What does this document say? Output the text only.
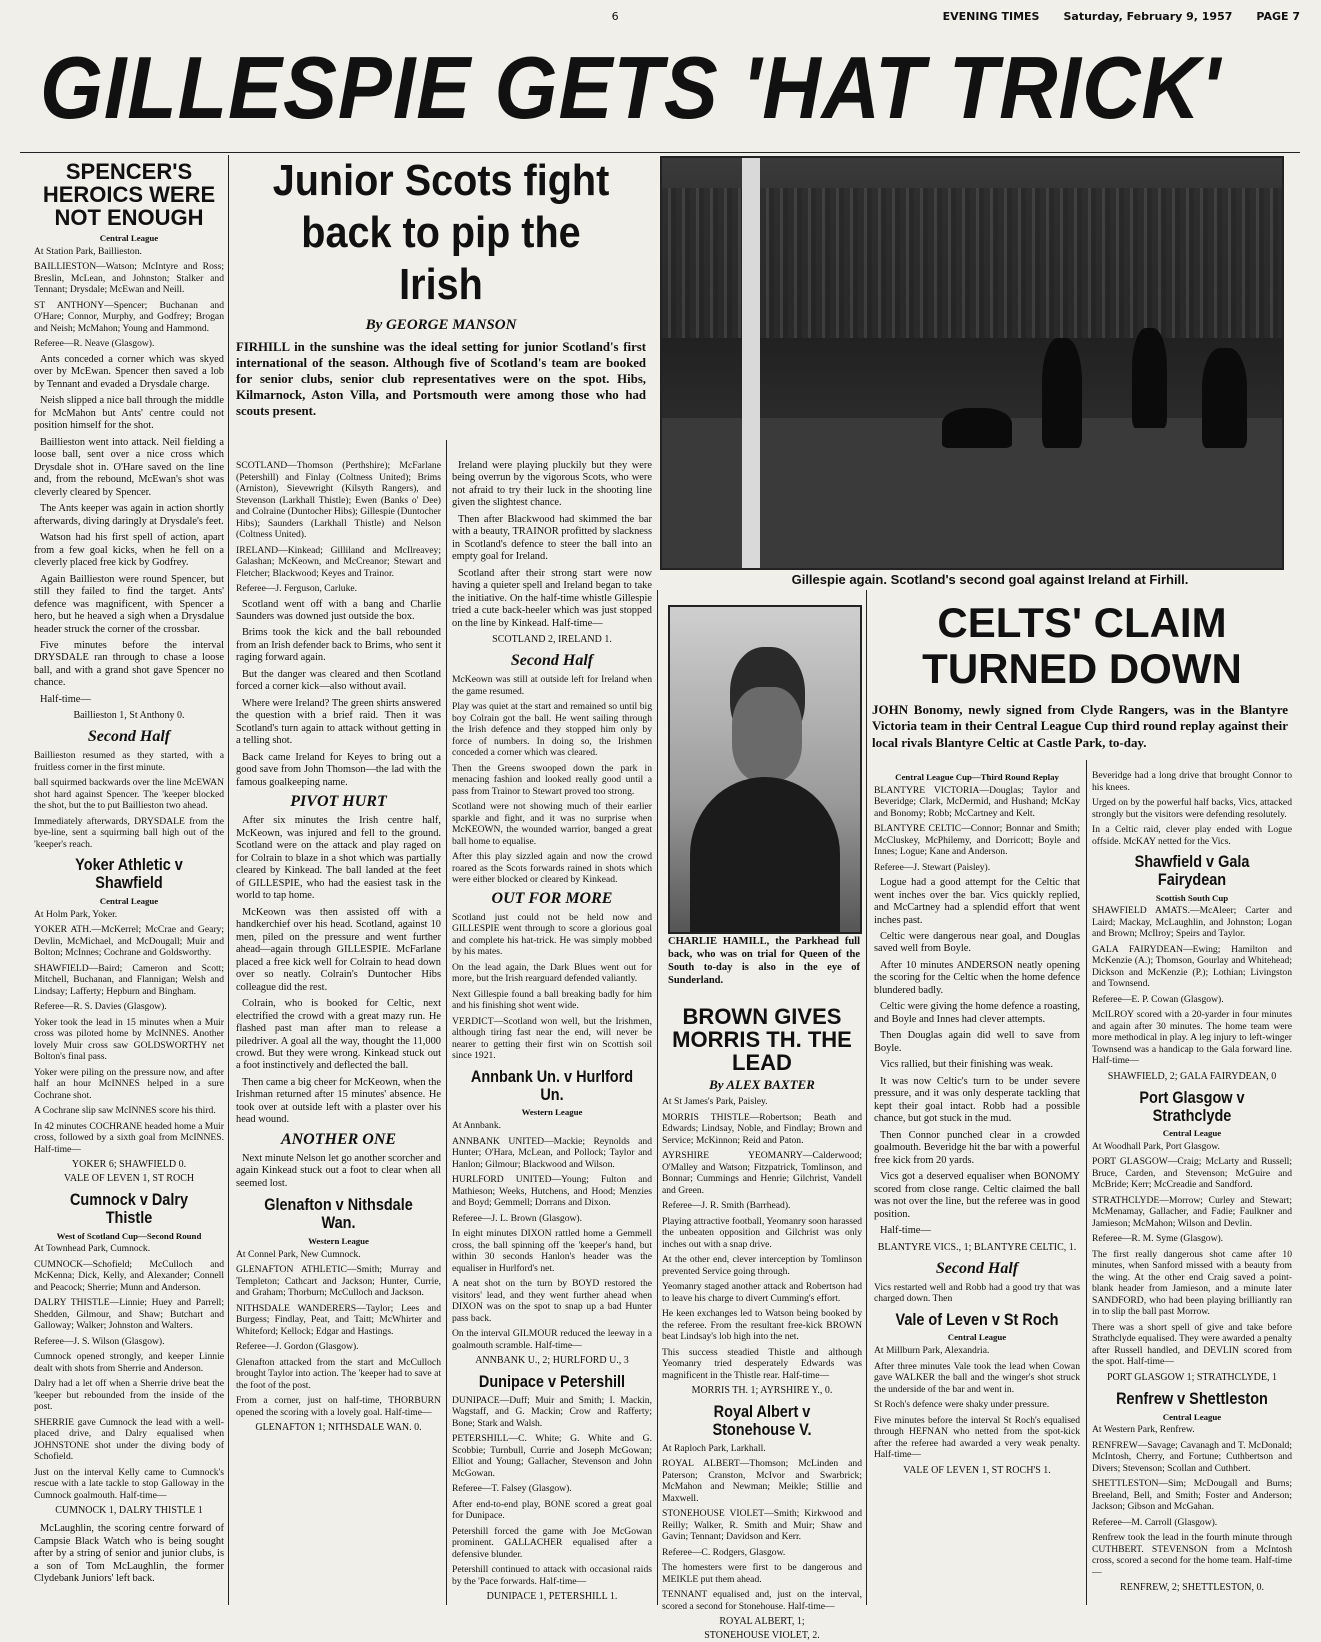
6	EVENING TIMES Saturday, February 9, 1957 PAGE 7
GILLESPIE GETS 'HAT TRICK'
SPENCER'S HEROICS WERE NOT ENOUGH
Central League

At Station Park, Baillieston.

BAILLIESTON—Watson; McIntyre and Ross; Breslin, McLean, and Johnston; Stalker and Tennant; Drysdale; McEwan and Neill.

ST ANTHONY—Spencer; Buchanan and O'Hare; Connor, Murphy, and Godfrey; Brogan and Neish; McMahon; Young and Hammond.

Referee—R. Neave (Glasgow).

Ants conceded a corner which was skyed over by McEwan. Spencer then saved a lob by Tennant and evaded a Drysdale charge.

Neish slipped a nice ball through the middle for McMahon but Ants' centre could not position himself for the shot.

Baillieston went into attack. Neil fielding a loose ball, sent over a nice cross which Drysdale shot in. O'Hare saved on the line and, from the rebound, McEwan's shot was cleverly cleared by Spencer.

The Ants keeper was again in action shortly afterwards, diving daringly at Drysdale's feet.

Watson had his first spell of action, apart from a few goal kicks, when he fell on a cleverly placed free kick by Godfrey.

Again Baillieston were round Spencer, but still they failed to find the target. Ants' defence was magnificent, with Spencer a hero, but he heaved a sigh when a Drysdalue header struck the corner of the crossbar.

Five minutes before the interval DRYSDALE ran through to chase a loose ball, and with a grand shot gave Spencer no chance.

Half-time—

Baillieston 1, St Anthony 0.
Second Half

Baillieston resumed as they started, with a fruitless corner in the first minute.

ball squirmed backwards over the line McEWAN shot hard against Spencer. The 'keeper blocked the shot, but the to put Baillieston two ahead.

Immediately afterwards, DRYSDALE from the bye-line, sent a squirming ball high out of the 'keeper's reach.

Yoker Athletic v Shawfield
Central League

At Holm Park, Yoker.

YOKER ATH.—McKerrel; McCrae and Geary; Devlin, McMichael, and McDougall; Muir and Bolton; McInnes; Cochrane and Goldsworthy.

SHAWFIELD—Baird; Cameron and Scott; Mitchell, Buchanan, and Flannigan; Welsh and Lindsay; Lafferty; Hepburn and Bingham.

Referee—R. S. Davies (Glasgow).

Yoker took the lead in 15 minutes when a Muir cross was piloted home by McINNES. Another lovely Muir cross saw GOLDSWORTHY net Bolton's final pass.

Yoker were piling on the pressure now, and after half an hour McINNES helped in a sure Cochrane shot.

A Cochrane slip saw McINNES score his third.

In 42 minutes COCHRANE headed home a Muir cross, followed by a sixth goal from McINNES. Half-time—

YOKER 6; SHAWFIELD 0.
VALE OF LEVEN 1, ST ROCH
Cumnock v Dalry Thistle
West of Scotland Cup—Second Round

At Townhead Park, Cumnock.

CUMNOCK—Schofield; McCulloch and McKenna; Dick, Kelly, and Alexander; Connell and Peacock; Sherrie; Munn and Anderson.

DALRY THISTLE—Linnie; Huey and Parrell; Shedden, Gilmour, and Shaw; Butchart and Galloway; Walker; Johnston and Walters.

Referee—J. S. Wilson (Glasgow).

Cumnock opened strongly, and keeper Linnie dealt with shots from Sherrie and Anderson.

Dalry had a let off when a Sherrie drive beat the 'keeper but rebounded from the inside of the post.

SHERRIE gave Cumnock the lead with a well-placed drive, and Dalry equalised when JOHNSTONE shot under the diving body of Schofield.

Just on the interval Kelly came to Cumnock's rescue with a late tackle to stop Galloway in the Cumnock goalmouth. Half-time—

CUMNOCK 1, DALRY THISTLE 1

McLaughlin, the scoring centre forward of Campsie Black Watch who is being sought after by a string of senior and junior clubs, is a son of Tom McLaughlin, the former Clydebank Juniors' left back.

Junior Scots fight back to pip the Irish
By GEORGE MANSON
FIRHILL in the sunshine was the ideal setting for junior Scotland's first international of the season. Although five of Scotland's team are booked for senior clubs, senior club representatives were on the spot. Hibs, Kilmarnock, Aston Villa, and Portsmouth were among those who had scouts present.

SCOTLAND—Thomson (Perthshire); McFarlane (Petershill) and Finlay (Coltness United); Brims (Arniston), Sievewright (Kilsyth Rangers), and Stevenson (Larkhall Thistle); Ewen (Banks o' Dee) and Colraine (Duntocher Hibs); Gillespie (Duntocher Hibs); Saunders (Larkhall Thistle) and Nelson (Coltness United).

IRELAND—Kinkead; Gilliland and McIlreavey; Galashan; McKeown, and McCreanor; Stewart and Fletcher; Blackwood; Keyes and Trainor.

Referee—J. Ferguson, Carluke.

Scotland went off with a bang and Charlie Saunders was downed just outside the box.

Brims took the kick and the ball rebounded from an Irish defender back to Brims, who sent it raging forward again.

But the danger was cleared and then Scotland forced a corner kick—also without avail.

Where were Ireland? The green shirts answered the question with a brief raid. Then it was Scotland's turn again to attack without getting in a telling shot.

Back came Ireland for Keyes to bring out a good save from John Thomson—the lad with the famous goalkeeping name.

PIVOT HURT

After six minutes the Irish centre half, McKeown, was injured and fell to the ground. Scotland were on the attack and play raged on for Colrain to blaze in a shot which was partially cleared by Kinkead. The ball landed at the feet of GILLESPIE, who had the easiest task in the world to tap home.

McKeown was then assisted off with a handkerchief over his head. Scotland, against 10 men, piled on the pressure and went further ahead—again through GILLESPIE. McFarlane placed a free kick well for Colrain to head down over so neatly. Colrain's Duntocher Hibs colleague did the rest.

Colrain, who is booked for Celtic, next electrified the crowd with a great mazy run. He flashed past man after man to release a piledriver. A goal all the way, thought the 11,000 crowd. But they were wrong. Kinkead stuck out a foot instinctively and deflected the ball.

Then came a big cheer for McKeown, when the Irishman returned after 15 minutes' absence. He took over at outside left with a plaster over his head wound.

ANOTHER ONE

Next minute Nelson let go another scorcher and again Kinkead stuck out a foot to clear when all seemed lost.

Glenafton v Nithsdale Wan.
Western League

At Connel Park, New Cumnock.

GLENAFTON ATHLETIC—Smith; Murray and Templeton; Cathcart and Jackson; Hunter, Currie, and Graham; Thorburn; McCulloch and Jackson.

NITHSDALE WANDERERS—Taylor; Lees and Burgess; Findlay, Peat, and Taitt; McWhirter and Whiteford; Kellock; Edgar and Hastings.

Referee—J. Gordon (Glasgow).

Glenafton attacked from the start and McCulloch brought Taylor into action. The 'keeper had to save at the foot of the post.

From a corner, just on half-time, THORBURN opened the scoring with a lovely goal. Half-time—

GLENAFTON 1; NITHSDALE WAN. 0.

Ireland were playing pluckily but they were being overrun by the vigorous Scots, who were not afraid to try their luck in the shooting line given the slightest chance.

Then after Blackwood had skimmed the bar with a beauty, TRAINOR profitted by slackness in Scotland's defence to steer the ball into an empty goal for Ireland.

Scotland after their strong start were now having a quieter spell and Ireland began to take the initiative. On the half-time whistle Gillespie tried a cute back-heeler which was just stopped on the line by Kinkead. Half-time—

SCOTLAND 2, IRELAND 1.
Second Half

McKeown was still at outside left for Ireland when the game resumed.

Play was quiet at the start and remained so until big boy Colrain got the ball. He went sailing through the Irish defence and they stopped him only by force of numbers. In doing so, the Irishmen conceded a corner which was cleared.

Then the Greens swooped down the park in menacing fashion and looked really good until a pass from Trainor to Stewart proved too strong.

Scotland were not showing much of their earlier sparkle and fight, and it was no surprise when McKEOWN, the wounded warrior, banged a great ball home to equalise.

After this play sizzled again and now the crowd roared as the Scots forwards rained in shots which were either blocked or cleared by Kinkead.

OUT FOR MORE

Scotland just could not be held now and GILLESPIE went through to score a glorious goal and complete his hat-trick. He was simply mobbed by his mates.

On the lead again, the Dark Blues went out for more, but the Irish rearguard defended valiantly.

Next Gillespie found a ball breaking badly for him and his finishing shot went wide.

VERDICT—Scotland won well, but the Irishmen, although tiring fast near the end, will never be nearer to getting their first win on Scottish soil since 1921.

Annbank Un. v Hurlford Un.
Western League

At Annbank.

ANNBANK UNITED—Mackie; Reynolds and Hunter; O'Hara, McLean, and Pollock; Taylor and Hanlon; Gilmour; Blackwood and Wilson.

HURLFORD UNITED—Young; Fulton and Mathieson; Weeks, Hutchens, and Hood; Menzies and Boyd; Gemmell; Dorrans and Dixon.

Referee—J. L. Brown (Glasgow).

In eight minutes DIXON rattled home a Gemmell cross, the ball spinning off the 'keeper's hand, but within 30 seconds Hanlon's header was the equaliser in Hurlford's net.

A neat shot on the turn by BOYD restored the visitors' lead, and they went further ahead when DIXON was on the spot to snap up a bad Hunter pass back.

On the interval GILMOUR reduced the leeway in a goalmouth scramble. Half-time—

ANNBANK U., 2; HURLFORD U., 3
Dunipace v Petershill

DUNIPACE—Duff; Muir and Smith; I. Mackin, Wagstaff, and G. Mackin; Crow and Rafferty; Bone; Stark and Walsh.

PETERSHILL—C. White; G. White and G. Scobbie; Turnbull, Currie and Joseph McGowan; Elliot and Young; Gallacher, Stevenson and John McGowan.

Referee—T. Falsey (Glasgow).

After end-to-end play, BONE scored a great goal for Dunipace.

Petershill forced the game with Joe McGowan prominent. GALLACHER equalised after a defensive blunder.

Petershill continued to attack with occasional raids by the 'Pace forwards. Half-time—

DUNIPACE 1, PETERSHILL 1.
Gillespie again. Scotland's second goal against Ireland at Firhill.
CHARLIE HAMILL, the Parkhead full back, who was on trial for Queen of the South to-day is also in the eye of Sunderland.
BROWN GIVES MORRIS TH. THE LEAD
By ALEX BAXTER

At St James's Park, Paisley.

MORRIS THISTLE—Robertson; Beath and Edwards; Lindsay, Noble, and Findlay; Brown and Service; McKinnon; Reid and Paton.

AYRSHIRE YEOMANRY—Calderwood; O'Malley and Watson; Fitzpatrick, Tomlinson, and Bonnar; Cummings and Henrie; Gilchrist, Vandell and Green.

Referee—J. R. Smith (Barrhead).

Playing attractive football, Yeomanry soon harassed the unbeaten opposition and Gilchrist was only inches out with a snap drive.

At the other end, clever interception by Tomlinson prevented Service going through.

Yeomanry staged another attack and Robertson had to leave his charge to divert Cumming's effort.

He keen exchanges led to Watson being booked by the referee. From the resultant free-kick BROWN beat Lindsay's lob high into the net.

This success steadied Thistle and although Yeomanry tried desperately Edwards was magnificent in the Thistle rear. Half-time—

MORRIS TH. 1; AYRSHIRE Y., 0.
Royal Albert v Stonehouse V.

At Raploch Park, Larkhall.

ROYAL ALBERT—Thomson; McLinden and Paterson; Cranston, McIvor and Swarbrick; McMahon and Newman; Meikle; Stillie and Maxwell.

STONEHOUSE VIOLET—Smith; Kirkwood and Reilly; Walker, R. Smith and Muir; Shaw and Gavin; Tennant; Davidson and Kerr.

Referee—C. Rodgers, Glasgow.

The homesters were first to be dangerous and MEIKLE put them ahead.

TENNANT equalised and, just on the interval, scored a second for Stonehouse. Half-time—

ROYAL ALBERT, 1;
STONEHOUSE VIOLET, 2.
CELTS' CLAIM TURNED DOWN
JOHN Bonomy, newly signed from Clyde Rangers, was in the Blantyre Victoria team in their Central League Cup third round replay against their local rivals Blantyre Celtic at Castle Park, to-day.
Central League Cup—Third Round Replay

BLANTYRE VICTORIA—Douglas; Taylor and Beveridge; Clark, McDermid, and Hushand; McKay and Bonomy; Robb; McCartney and Kelt.

BLANTYRE CELTIC—Connor; Bonnar and Smith; McCluskey, McPhilemy, and Dorricott; Boyle and Innes; Logue; Kane and Anderson.

Referee—J. Stewart (Paisley).

Logue had a good attempt for the Celtic that went inches over the bar. Vics quickly replied, and McCartney had a splendid effort that went inches past.

Celtic were dangerous near goal, and Douglas saved well from Boyle.

After 10 minutes ANDERSON neatly opening the scoring for the Celtic when the home defence blundered badly.

Celtic were giving the home defence a roasting, and Boyle and Innes had clever attempts.

Then Douglas again did well to save from Boyle.

Vics rallied, but their finishing was weak.

It was now Celtic's turn to be under severe pressure, and it was only desperate tackling that kept their goal intact. Robb had a possible chance, but got stuck in the mud.

Then Connor punched clear in a crowded goalmouth. Beveridge hit the bar with a powerful free kick from 20 yards.

Vics got a deserved equaliser when BONOMY scored from close range. Celtic claimed the ball was not over the line, but the referee was in good position.

Half-time—

BLANTYRE VICS., 1; BLANTYRE CELTIC, 1.
Second Half

Vics restarted well and Robb had a good try that was charged down. Then

Vale of Leven v St Roch
Central League

At Millburn Park, Alexandria.

After three minutes Vale took the lead when Cowan gave WALKER the ball and the winger's shot struck the underside of the bar and went in.

St Roch's defence were shaky under pressure.

Five minutes before the interval St Roch's equalised through HEFNAN who netted from the spot-kick after the referee had awarded a very weak penalty. Half-time—

VALE OF LEVEN 1, ST ROCH'S 1.

Beveridge had a long drive that brought Connor to his knees.

Urged on by the powerful half backs, Vics, attacked strongly but the visitors were defending resolutely.

In a Celtic raid, clever play ended with Logue offside. McKAY netted for the Vics.

Shawfield v Gala Fairydean
Scottish South Cup

SHAWFIELD AMATS.—McAleer; Carter and Laird; Mackay, McLaughlin, and Johnston; Logan and Brown; McIlroy; Speirs and Taylor.

GALA FAIRYDEAN—Ewing; Hamilton and McKenzie (A.); Thomson, Gourlay and Whitehead; Dickson and McKenzie (P.); Lothian; Livingston and Townsend.

Referee—E. P. Cowan (Glasgow).

McILROY scored with a 20-yarder in four minutes and again after 30 minutes. The home team were more methodical in play. A leg injury to left-winger Townsend was a handicap to the Gala forward line. Half-time—

SHAWFIELD, 2; GALA FAIRYDEAN, 0
Port Glasgow v Strathclyde
Central League

At Woodhall Park, Port Glasgow.

PORT GLASGOW—Craig; McLarty and Russell; Bruce, Carden, and Stevenson; McGuire and McBride; Kerr; McCreadie and Sandford.

STRATHCLYDE—Morrow; Curley and Stewart; McMenamay, Gallacher, and Fadie; Faulkner and Jamieson; McMahon; Wilson and Devlin.

Referee—R. M. Syme (Glasgow).

The first really dangerous shot came after 10 minutes, when Sanford missed with a beauty from the wing. At the other end Craig saved a point-blank header from Jamieson, and a minute later SANDFORD, who had been playing brilliantly ran in to slip the ball past Morrow.

There was a short spell of give and take before Strathclyde equalised. They were awarded a penalty after Russell handled, and DEVLIN scored from the spot. Half-time—

PORT GLASGOW 1; STRATHCLYDE, 1
Renfrew v Shettleston
Central League

At Western Park, Renfrew.

RENFREW—Savage; Cavanagh and T. McDonald; McIntosh, Cherry, and Fortune; Cuthbertson and Divers; Stevenson; Scollan and Cuthbert.

SHETTLESTON—Sim; McDougall and Burns; Breeland, Bell, and Smith; Foster and Anderson; Jackson; Gibson and McGahan.

Referee—M. Carroll (Glasgow).

Renfrew took the lead in the fourth minute through CUTHBERT. STEVENSON from a McIntosh cross, scored a second for the home team. Half-time—

RENFREW, 2; SHETTLESTON, 0.
